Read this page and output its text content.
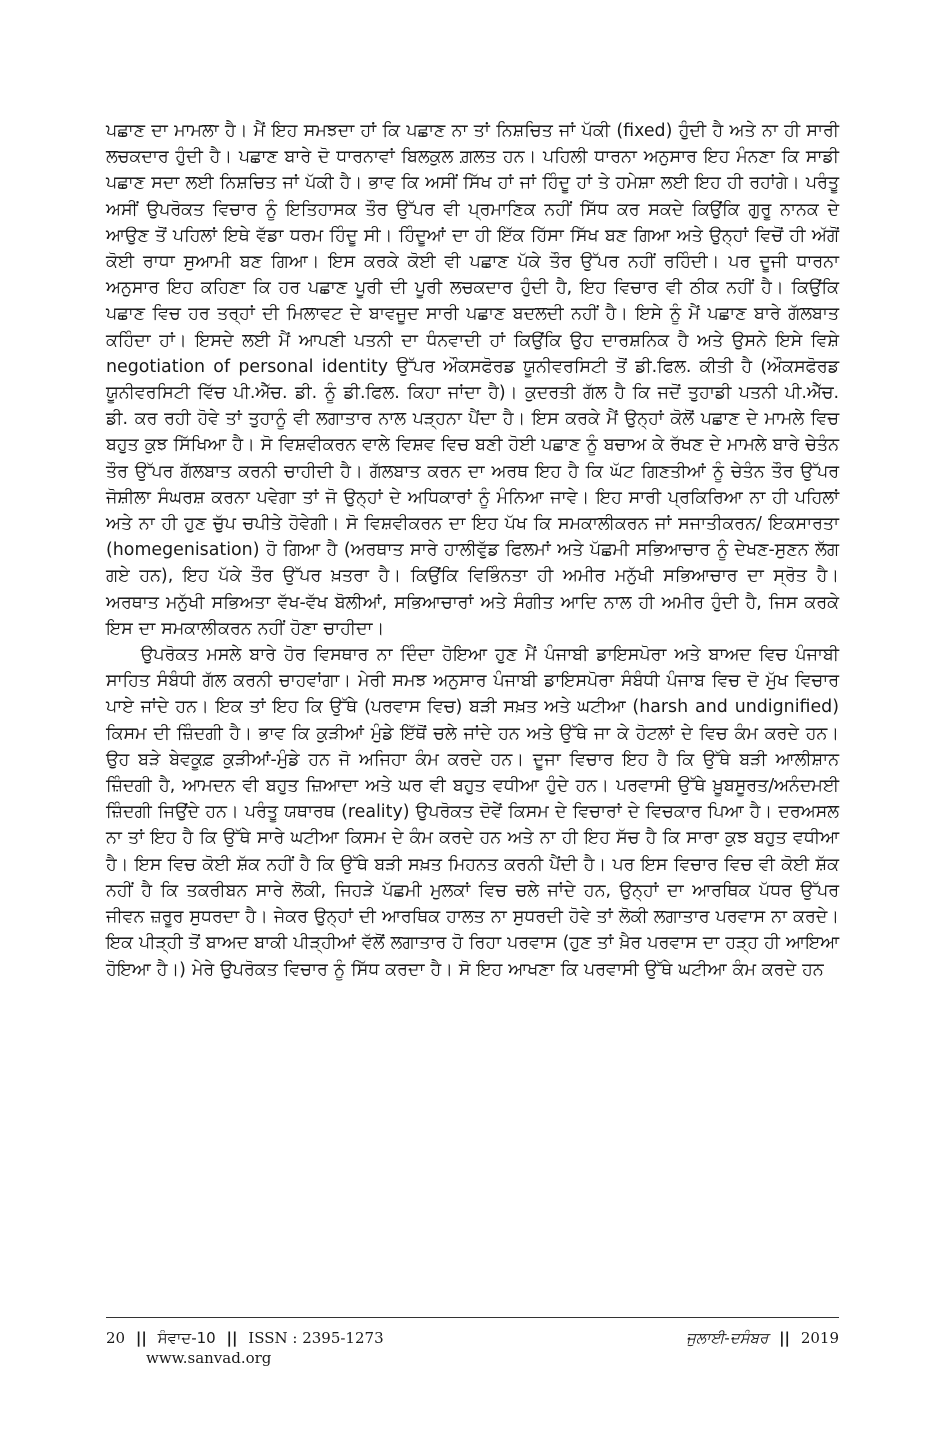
ਪਛਾਣ ਦਾ ਮਾਮਲਾ ਹੈ। ਮੈਂ ਇਹ ਸਮਝਦਾ ਹਾਂ ਕਿ ਪਛਾਣ ਨਾ ਤਾਂ ਨਿਸ਼ਚਿਤ ਜਾਂ ਪੱਕੀ (fixed) ਹੁੰਦੀ ਹੈ ਅਤੇ ਨਾ ਹੀ ਸਾਰੀ ਲਚਕਦਾਰ ਹੁੰਦੀ ਹੈ। ਪਛਾਣ ਬਾਰੇ ਦੋ ਧਾਰਨਾਵਾਂ ਬਿਲਕੁਲ ਗ਼ਲਤ ਹਨ। ਪਹਿਲੀ ਧਾਰਨਾ ਅਨੁਸਾਰ ਇਹ ਮੰਨਣਾ ਕਿ ਸਾਡੀ ਪਛਾਣ ਸਦਾ ਲਈ ਨਿਸ਼ਚਿਤ ਜਾਂ ਪੱਕੀ ਹੈ। ਭਾਵ ਕਿ ਅਸੀਂ ਸਿੱਖ ਹਾਂ ਜਾਂ ਹਿੰਦੂ ਹਾਂ ਤੇ ਹਮੇਸ਼ਾ ਲਈ ਇਹ ਹੀ ਰਹਾਂਗੇ। ਪਰੰਤੂ ਅਸੀਂ ਉਪਰੋਕਤ ਵਿਚਾਰ ਨੂੰ ਇਤਿਹਾਸਕ ਤੌਰ ਉੱਪਰ ਵੀ ਪ੍ਰਮਾਣਿਕ ਨਹੀਂ ਸਿੱਧ ਕਰ ਸਕਦੇ ਕਿਉਂਕਿ ਗੁਰੂ ਨਾਨਕ ਦੇ ਆਉਣ ਤੋਂ ਪਹਿਲਾਂ ਇਥੇ ਵੱਡਾ ਧਰਮ ਹਿੰਦੂ ਸੀ। ਹਿੰਦੂਆਂ ਦਾ ਹੀ ਇੱਕ ਹਿੱਸਾ ਸਿੱਖ ਬਣ ਗਿਆ ਅਤੇ ਉਨ੍ਹਾਂ ਵਿਚੋਂ ਹੀ ਅੱਗੋਂ ਕੋਈ ਰਾਧਾ ਸੁਆਮੀ ਬਣ ਗਿਆ। ਇਸ ਕਰਕੇ ਕੋਈ ਵੀ ਪਛਾਣ ਪੱਕੇ ਤੌਰ ਉੱਪਰ ਨਹੀਂ ਰਹਿੰਦੀ। ਪਰ ਦੂਜੀ ਧਾਰਨਾ ਅਨੁਸਾਰ ਇਹ ਕਹਿਣਾ ਕਿ ਹਰ ਪਛਾਣ ਪੂਰੀ ਦੀ ਪੂਰੀ ਲਚਕਦਾਰ ਹੁੰਦੀ ਹੈ, ਇਹ ਵਿਚਾਰ ਵੀ ਠੀਕ ਨਹੀਂ ਹੈ। ਕਿਉਂਕਿ ਪਛਾਣ ਵਿਚ ਹਰ ਤਰ੍ਹਾਂ ਦੀ ਮਿਲਾਵਟ ਦੇ ਬਾਵਜੂਦ ਸਾਰੀ ਪਛਾਣ ਬਦਲਦੀ ਨਹੀਂ ਹੈ। ਇਸੇ ਨੂੰ ਮੈਂ ਪਛਾਣ ਬਾਰੇ ਗੱਲਬਾਤ ਕਹਿੰਦਾ ਹਾਂ। ਇਸਦੇ ਲਈ ਮੈਂ ਆਪਣੀ ਪਤਨੀ ਦਾ ਧੰਨਵਾਦੀ ਹਾਂ ਕਿਉਂਕਿ ਉਹ ਦਾਰਸ਼ਨਿਕ ਹੈ ਅਤੇ ਉਸਨੇ ਇਸੇ ਵਿਸ਼ੇ negotiation of personal identity ਉੱਪਰ ਔਕਸਫੋਰਡ ਯੂਨੀਵਰਸਿਟੀ ਤੋਂ ਡੀ.ਫਿਲ. ਕੀਤੀ ਹੈ (ਔਕਸਫੋਰਡ ਯੂਨੀਵਰਸਿਟੀ ਵਿੱਚ ਪੀ.ਐੱਚ. ਡੀ. ਨੂੰ ਡੀ.ਫਿਲ. ਕਿਹਾ ਜਾਂਦਾ ਹੈ)। ਕੁਦਰਤੀ ਗੱਲ ਹੈ ਕਿ ਜਦੋਂ ਤੁਹਾਡੀ ਪਤਨੀ ਪੀ.ਐੱਚ. ਡੀ. ਕਰ ਰਹੀ ਹੋਵੇ ਤਾਂ ਤੁਹਾਨੂੰ ਵੀ ਲਗਾਤਾਰ ਨਾਲ ਪੜ੍ਹਨਾ ਪੈਂਦਾ ਹੈ। ਇਸ ਕਰਕੇ ਮੈਂ ਉਨ੍ਹਾਂ ਕੋਲੋਂ ਪਛਾਣ ਦੇ ਮਾਮਲੇ ਵਿਚ ਬਹੁਤ ਕੁਝ ਸਿੱਖਿਆ ਹੈ। ਸੋ ਵਿਸ਼ਵੀਕਰਨ ਵਾਲੇ ਵਿਸ਼ਵ ਵਿਚ ਬਣੀ ਹੋਈ ਪਛਾਣ ਨੂੰ ਬਚਾਅ ਕੇ ਰੱਖਣ ਦੇ ਮਾਮਲੇ ਬਾਰੇ ਚੇਤੰਨ ਤੌਰ ਉੱਪਰ ਗੱਲਬਾਤ ਕਰਨੀ ਚਾਹੀਦੀ ਹੈ। ਗੱਲਬਾਤ ਕਰਨ ਦਾ ਅਰਥ ਇਹ ਹੈ ਕਿ ਘੱਟ ਗਿਣਤੀਆਂ ਨੂੰ ਚੇਤੰਨ ਤੌਰ ਉੱਪਰ ਜੋਸ਼ੀਲਾ ਸੰਘਰਸ਼ ਕਰਨਾ ਪਵੇਗਾ ਤਾਂ ਜੋ ਉਨ੍ਹਾਂ ਦੇ ਅਧਿਕਾਰਾਂ ਨੂੰ ਮੰਨਿਆ ਜਾਵੇ। ਇਹ ਸਾਰੀ ਪ੍ਰਕਿਰਿਆ ਨਾ ਹੀ ਪਹਿਲਾਂ ਅਤੇ ਨਾ ਹੀ ਹੁਣ ਚੁੱਪ ਚਪੀਤੇ ਹੋਵੇਗੀ। ਸੋ ਵਿਸ਼ਵੀਕਰਨ ਦਾ ਇਹ ਪੱਖ ਕਿ ਸਮਕਾਲੀਕਰਨ ਜਾਂ ਸਜਾਤੀਕਰਨ/ ਇਕਸਾਰਤਾ (homegenisation) ਹੋ ਗਿਆ ਹੈ (ਅਰਥਾਤ ਸਾਰੇ ਹਾਲੀਵੁੱਡ ਫਿਲਮਾਂ ਅਤੇ ਪੱਛਮੀ ਸਭਿਆਚਾਰ ਨੂੰ ਦੇਖਣ-ਸੁਣਨ ਲੱਗ ਗਏ ਹਨ), ਇਹ ਪੱਕੇ ਤੌਰ ਉੱਪਰ ਖ਼ਤਰਾ ਹੈ। ਕਿਉਂਕਿ ਵਿਭਿੰਨਤਾ ਹੀ ਅਮੀਰ ਮਨੁੱਖੀ ਸਭਿਆਚਾਰ ਦਾ ਸ੍ਰੋਤ ਹੈ। ਅਰਥਾਤ ਮਨੁੱਖੀ ਸਭਿਅਤਾ ਵੱਖ-ਵੱਖ ਬੋਲੀਆਂ, ਸਭਿਆਚਾਰਾਂ ਅਤੇ ਸੰਗੀਤ ਆਦਿ ਨਾਲ ਹੀ ਅਮੀਰ ਹੁੰਦੀ ਹੈ, ਜਿਸ ਕਰਕੇ ਇਸ ਦਾ ਸਮਕਾਲੀਕਰਨ ਨਹੀਂ ਹੋਣਾ ਚਾਹੀਦਾ।

ਉਪਰੋਕਤ ਮਸਲੇ ਬਾਰੇ ਹੋਰ ਵਿਸਥਾਰ ਨਾ ਦਿੰਦਾ ਹੋਇਆ ਹੁਣ ਮੈਂ ਪੰਜਾਬੀ ਡਾਇਸਪੋਰਾ ਅਤੇ ਬਾਅਦ ਵਿਚ ਪੰਜਾਬੀ ਸਾਹਿਤ ਸੰਬੰਧੀ ਗੱਲ ਕਰਨੀ ਚਾਹਵਾਂਗਾ। ਮੇਰੀ ਸਮਝ ਅਨੁਸਾਰ ਪੰਜਾਬੀ ਡਾਇਸਪੋਰਾ ਸੰਬੰਧੀ ਪੰਜਾਬ ਵਿਚ ਦੋ ਮੁੱਖ ਵਿਚਾਰ ਪਾਏ ਜਾਂਦੇ ਹਨ। ਇਕ ਤਾਂ ਇਹ ਕਿ ਉੱਥੇ (ਪਰਵਾਸ ਵਿਚ) ਬੜੀ ਸਖ਼ਤ ਅਤੇ ਘਟੀਆ (harsh and undignified) ਕਿਸਮ ਦੀ ਜ਼ਿੰਦਗੀ ਹੈ। ਭਾਵ ਕਿ ਕੁੜੀਆਂ ਮੁੰਡੇ ਇੱਥੋਂ ਚਲੇ ਜਾਂਦੇ ਹਨ ਅਤੇ ਉੱਥੇ ਜਾ ਕੇ ਹੋਟਲਾਂ ਦੇ ਵਿਚ ਕੰਮ ਕਰਦੇ ਹਨ। ਉਹ ਬੜੇ ਬੇਵਕੂਫ਼ ਕੁੜੀਆਂ-ਮੁੰਡੇ ਹਨ ਜੋ ਅਜਿਹਾ ਕੰਮ ਕਰਦੇ ਹਨ। ਦੂਜਾ ਵਿਚਾਰ ਇਹ ਹੈ ਕਿ ਉੱਥੇ ਬੜੀ ਆਲੀਸ਼ਾਨ ਜ਼ਿੰਦਗੀ ਹੈ, ਆਮਦਨ ਵੀ ਬਹੁਤ ਜ਼ਿਆਦਾ ਅਤੇ ਘਰ ਵੀ ਬਹੁਤ ਵਧੀਆ ਹੁੰਦੇ ਹਨ। ਪਰਵਾਸੀ ਉੱਥੇ ਖ਼ੂਬਸੂਰਤ/ਅਨੰਦਮਈ ਜ਼ਿੰਦਗੀ ਜਿਉਂਦੇ ਹਨ। ਪਰੰਤੂ ਯਥਾਰਥ (reality) ਉਪਰੋਕਤ ਦੋਵੇਂ ਕਿਸਮ ਦੇ ਵਿਚਾਰਾਂ ਦੇ ਵਿਚਕਾਰ ਪਿਆ ਹੈ। ਦਰਅਸਲ ਨਾ ਤਾਂ ਇਹ ਹੈ ਕਿ ਉੱਥੇ ਸਾਰੇ ਘਟੀਆ ਕਿਸਮ ਦੇ ਕੰਮ ਕਰਦੇ ਹਨ ਅਤੇ ਨਾ ਹੀ ਇਹ ਸੱਚ ਹੈ ਕਿ ਸਾਰਾ ਕੁਝ ਬਹੁਤ ਵਧੀਆ ਹੈ। ਇਸ ਵਿਚ ਕੋਈ ਸ਼ੱਕ ਨਹੀਂ ਹੈ ਕਿ ਉੱਥੇ ਬੜੀ ਸਖ਼ਤ ਮਿਹਨਤ ਕਰਨੀ ਪੈਂਦੀ ਹੈ। ਪਰ ਇਸ ਵਿਚਾਰ ਵਿਚ ਵੀ ਕੋਈ ਸ਼ੱਕ ਨਹੀਂ ਹੈ ਕਿ ਤਕਰੀਬਨ ਸਾਰੇ ਲੋਕੀ, ਜਿਹੜੇ ਪੱਛਮੀ ਮੁਲਕਾਂ ਵਿਚ ਚਲੇ ਜਾਂਦੇ ਹਨ, ਉਨ੍ਹਾਂ ਦਾ ਆਰਥਿਕ ਪੱਧਰ ਉੱਪਰ ਜੀਵਨ ਜ਼ਰੂਰ ਸੁਧਰਦਾ ਹੈ। ਜੇਕਰ ਉਨ੍ਹਾਂ ਦੀ ਆਰਥਿਕ ਹਾਲਤ ਨਾ ਸੁਧਰਦੀ ਹੋਵੇ ਤਾਂ ਲੋਕੀ ਲਗਾਤਾਰ ਪਰਵਾਸ ਨਾ ਕਰਦੇ। ਇਕ ਪੀੜ੍ਹੀ ਤੋਂ ਬਾਅਦ ਬਾਕੀ ਪੀੜ੍ਹੀਆਂ ਵੱਲੋਂ ਲਗਾਤਾਰ ਹੋ ਰਿਹਾ ਪਰਵਾਸ (ਹੁਣ ਤਾਂ ਖ਼ੈਰ ਪਰਵਾਸ ਦਾ ਹੜ੍ਹ ਹੀ ਆਇਆ ਹੋਇਆ ਹੈ।) ਮੇਰੇ ਉਪਰੋਕਤ ਵਿਚਾਰ ਨੂੰ ਸਿੱਧ ਕਰਦਾ ਹੈ। ਸੋ ਇਹ ਆਖਣਾ ਕਿ ਪਰਵਾਸੀ ਉੱਥੇ ਘਟੀਆ ਕੰਮ ਕਰਦੇ ਹਨ

20 || ਸੰਵਾਦ-10 || ISSN : 2395-1273	ਜੁਲਾਈ-ਦਸੰਬਰ || 2019
www.sanvad.org
